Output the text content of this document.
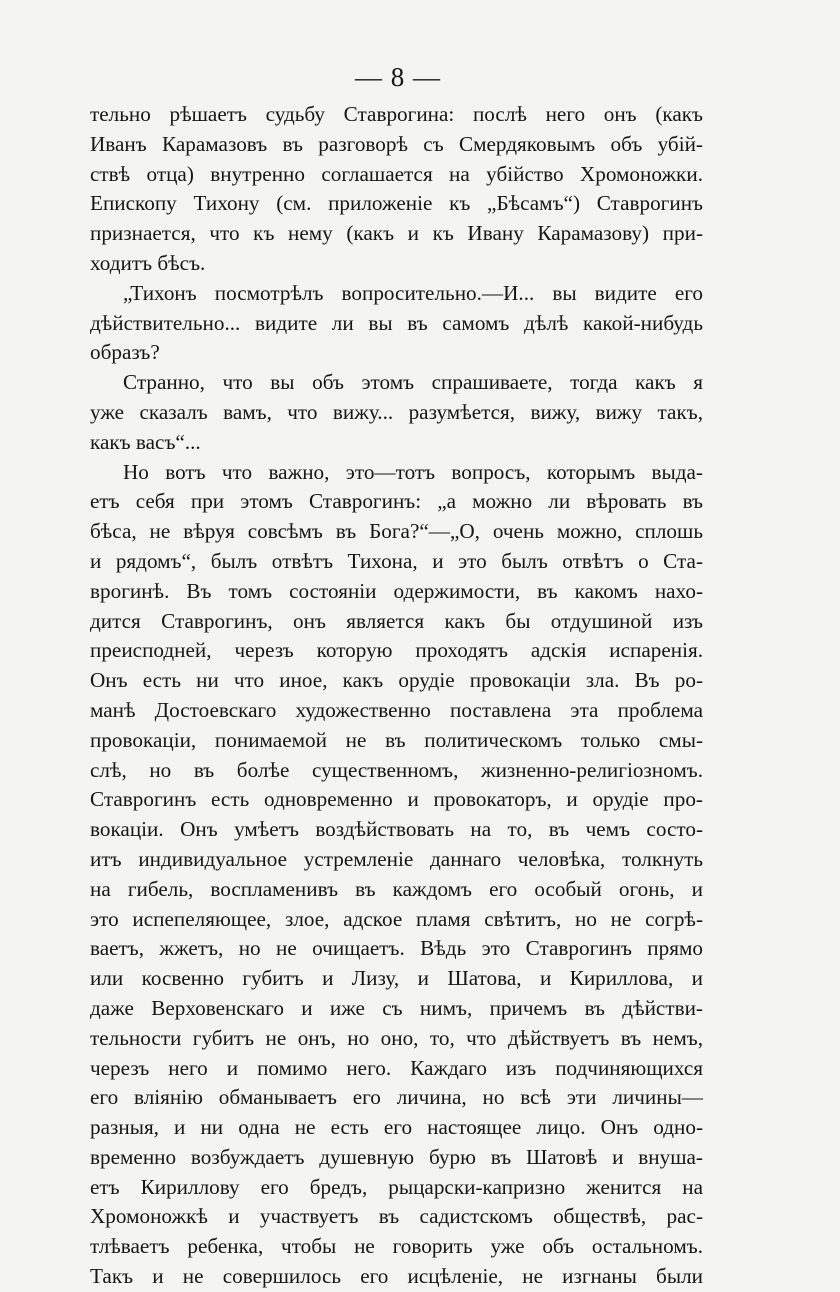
— 8 —

тельно рѣшаетъ судьбу Ставрогина: послѣ него онъ (какъ

Иванъ Карамазовъ въ разговорѣ съ Смердяковымъ объ убій-

ствѣ отца) внутренно соглашается на убійство Хромоножки.

Епископу Тихону (см. приложеніе къ „Бѣсамъ“) Ставрогинъ

признается, что къ нему (какъ и къ Ивану Карамазову) при-

ходитъ бѣсъ.

„Тихонъ посмотрѣлъ вопросительно.—И... вы видите его

дѣйствительно... видите ли вы въ самомъ дѣлѣ какой-нибудь

образъ?

Странно, что вы объ этомъ спрашиваете, тогда какъ я

уже сказалъ вамъ, что вижу... разумѣется, вижу, вижу такъ,

какъ васъ“...

Но вотъ что важно, это—тотъ вопросъ, которымъ выда-

етъ себя при этомъ Ставрогинъ: „а можно ли вѣровать въ

бѣса, не вѣруя совсѣмъ въ Бога?“—„О, очень можно, сплошь

и рядомъ“, былъ отвѣтъ Тихона, и это былъ отвѣтъ о Ста-

врогинѣ. Въ томъ состояніи одержимости, въ какомъ нахо-

дится Ставрогинъ, онъ является какъ бы отдушиной изъ

преисподней, черезъ которую проходятъ адскія испаренія.

Онъ есть ни что иное, какъ орудіе провокаціи зла. Въ ро-

манѣ Достоевскаго художественно поставлена эта проблема

провокаціи, понимаемой не въ политическомъ только смы-

слѣ, но въ болѣе существенномъ, жизненно-религіозномъ.

Ставрогинъ есть одновременно и провокаторъ, и орудіе про-

вокаціи. Онъ умѣетъ воздѣйствовать на то, въ чемъ состо-

итъ индивидуальное устремленіе даннаго человѣка, толкнуть

на гибель, воспламенивъ въ каждомъ его особый огонь, и

это испепеляющее, злое, адское пламя свѣтитъ, но не согрѣ-

ваетъ, жжетъ, но не очищаетъ. Вѣдь это Ставрогинъ прямо

или косвенно губитъ и Лизу, и Шатова, и Кириллова, и

даже Верховенскаго и иже съ нимъ, причемъ въ дѣйстви-

тельности губитъ не онъ, но оно, то, что дѣйствуетъ въ немъ,

черезъ него и помимо него. Каждаго изъ подчиняющихся

его вліянію обманываетъ его личина, но всѣ эти личины—

разныя, и ни одна не есть его настоящее лицо. Онъ одно-

временно возбуждаетъ душевную бурю въ Шатовѣ и внуша-

етъ Кириллову его бредъ, рыцарски-капризно женится на

Хромоножкѣ и участвуетъ въ садистскомъ обществѣ, рас-

тлѣваетъ ребенка, чтобы не говорить уже объ остальномъ.

Такъ и не совершилось его исцѣленіе, не изгнаны были
